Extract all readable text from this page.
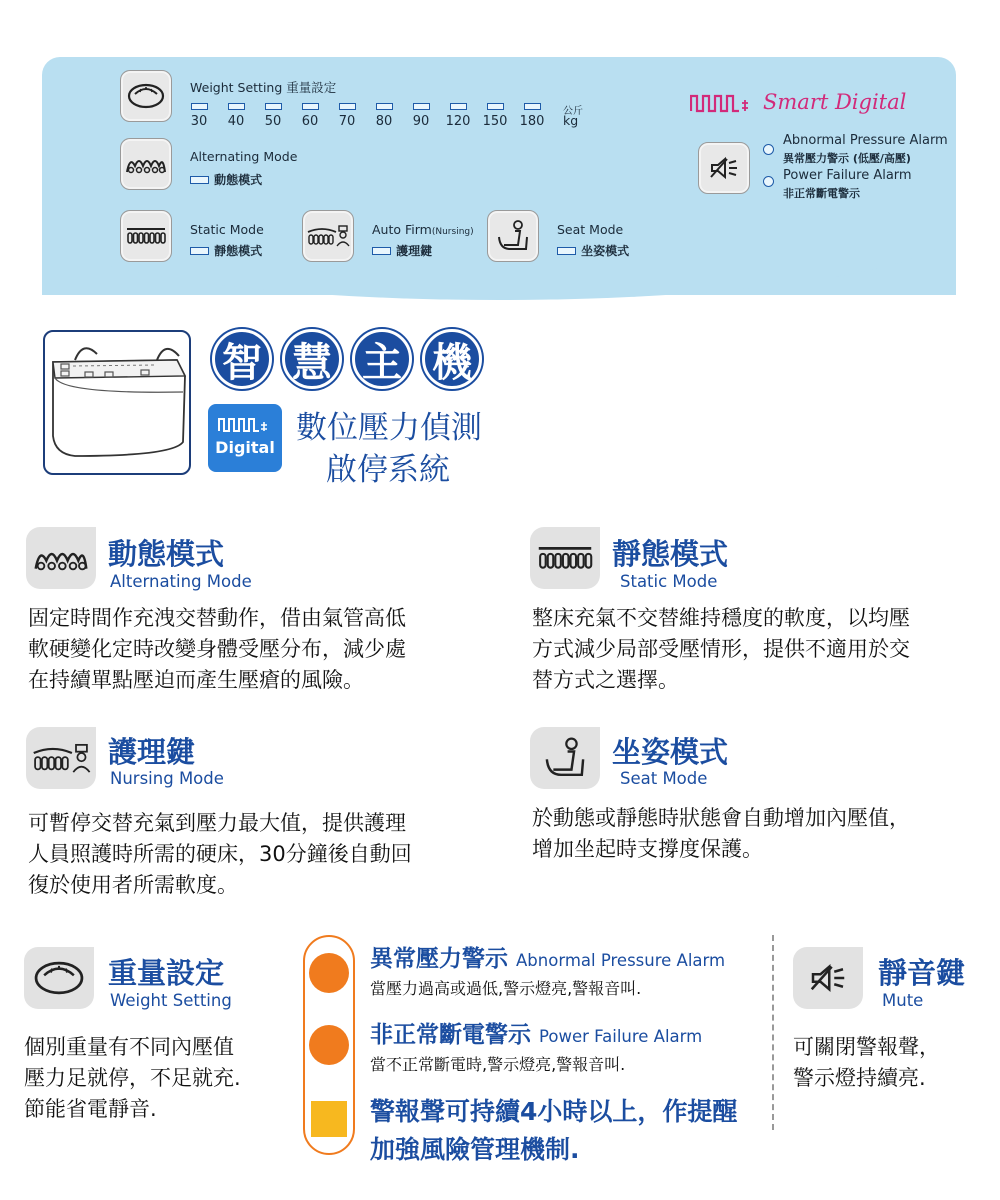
Weight Setting 重量設定
30	40	50	60	70	80	90	120 150 180
公斤
kg
Alternating Mode
動態模式
Static Mode
靜態模式
Auto Firm(Nursing)
護理鍵
Seat Mode
坐姿模式
Smart Digital
Abnormal Pressure Alarm
異常壓力警示 (低壓/高壓)
Power Failure Alarm
非正常斷電警示
智 慧 主 機
Digital
數位壓力偵測
啟停系統
動態模式
Alternating Mode
固定時間作充洩交替動作，借由氣管高低
軟硬變化定時改變身體受壓分布，減少處
在持續單點壓迫而產生壓瘡的風險。
靜態模式
Static Mode
整床充氣不交替維持穩度的軟度，以均壓
方式減少局部受壓情形，提供不適用於交
替方式之選擇。
護理鍵
Nursing Mode
可暫停交替充氣到壓力最大值，提供護理
人員照護時所需的硬床，30分鐘後自動回
復於使用者所需軟度。
坐姿模式
Seat Mode
於動態或靜態時狀態會自動增加內壓值，
增加坐起時支撐度保護。
重量設定
Weight Setting
個別重量有不同內壓值
壓力足就停，不足就充.
節能省電靜音.
異常壓力警示 Abnormal Pressure Alarm
當壓力過高或過低,警示燈亮,警報音叫.
非正常斷電警示 Power Failure Alarm
當不正常斷電時,警示燈亮,警報音叫.
警報聲可持續4小時以上，作提醒
加強風險管理機制.
靜音鍵
Mute
可關閉警報聲，
警示燈持續亮.
